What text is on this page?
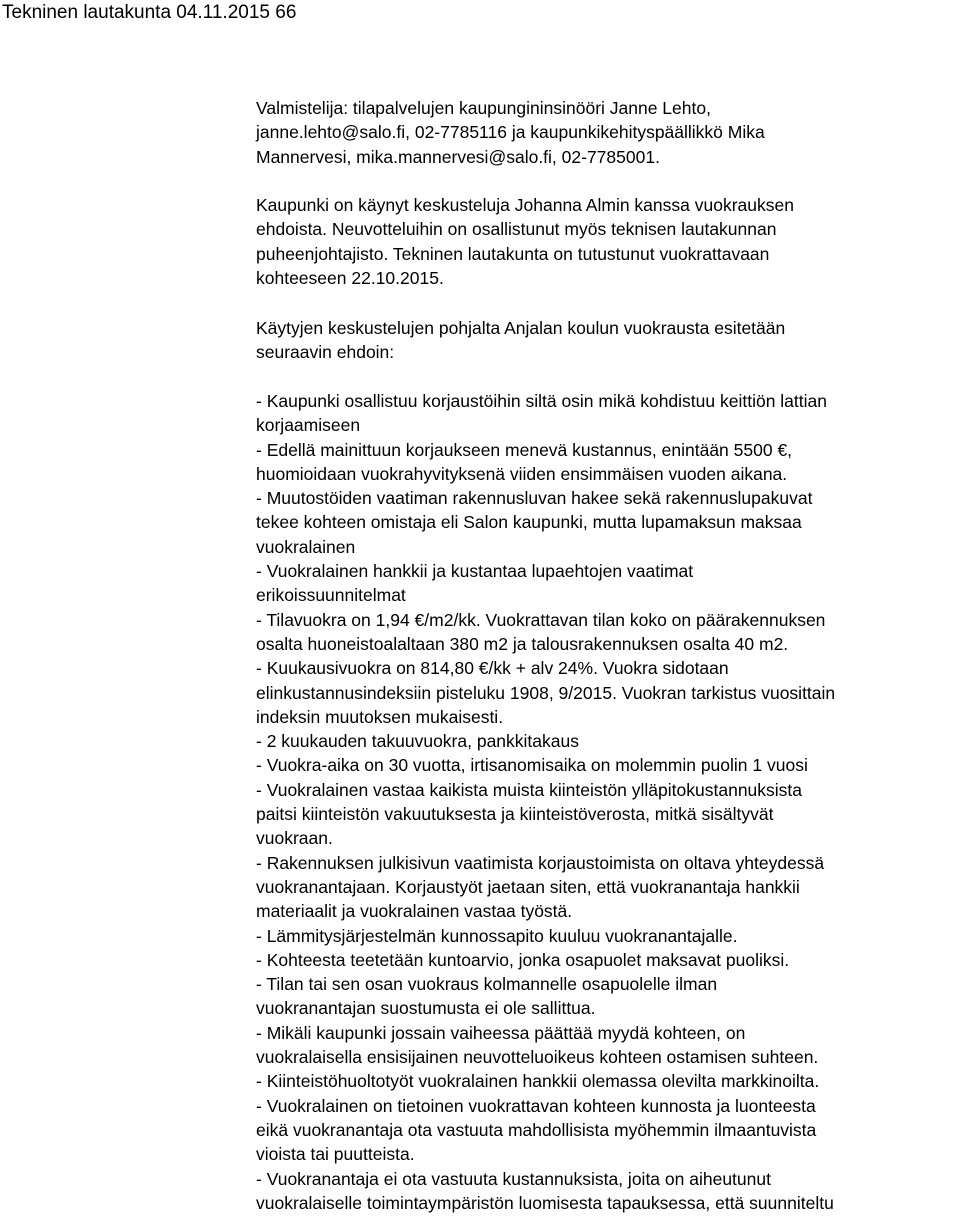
Tekninen lautakunta 04.11.2015 66
Valmistelija: tilapalvelujen kaupungininsinööri Janne Lehto,
janne.lehto@salo.fi, 02-7785116 ja kaupunkikehityspäällikkö Mika
Mannervesi, mika.mannervesi@salo.fi, 02-7785001.
Kaupunki on käynyt keskusteluja Johanna Almin kanssa vuokrauksen
ehdoista. Neuvotteluihin on osallistunut myös teknisen lautakunnan
puheenjohtajisto. Tekninen lautakunta on tutustunut vuokrattavaan
kohteeseen 22.10.2015.
Käytyjen keskustelujen pohjalta Anjalan koulun vuokrausta esitetään
seuraavin ehdoin:
- Kaupunki osallistuu korjaustöihin siltä osin mikä kohdistuu keittiön lattian
korjaamiseen
- Edellä mainittuun korjaukseen menevä kustannus, enintään 5500 €,
huomioidaan vuokrahyvityksenä viiden ensimmäisen vuoden aikana.
- Muutostöiden vaatiman rakennusluvan hakee sekä rakennuslupakuvat
tekee kohteen omistaja eli Salon kaupunki, mutta lupamaksun maksaa
vuokralainen
- Vuokralainen hankkii ja kustantaa lupaehtojen vaatimat
erikoissuunnitelmat
- Tilavuokra on 1,94 €/m2/kk. Vuokrattavan tilan koko on päärakennuksen
osalta huoneistoalaltaan 380 m2 ja talousrakennuksen osalta 40 m2.
- Kuukausivuokra on 814,80 €/kk + alv 24%. Vuokra sidotaan
elinkustannusindeksiin pisteluku 1908, 9/2015. Vuokran tarkistus vuosittain
indeksin muutoksen mukaisesti.
- 2 kuukauden takuuvuokra, pankkitakaus
- Vuokra-aika on 30 vuotta, irtisanomisaika on molemmin puolin 1 vuosi
- Vuokralainen vastaa kaikista muista kiinteistön ylläpitokustannuksista
paitsi kiinteistön vakuutuksesta ja kiinteistöverosta, mitkä sisältyvät
vuokraan.
- Rakennuksen julkisivun vaatimista korjaustoimista on oltava yhteydessä
vuokranantajaan. Korjaustyöt jaetaan siten, että vuokranantaja hankkii
materiaalit ja vuokralainen vastaa työstä.
- Lämmitysjärjestelmän kunnossapito kuuluu vuokranantajalle.
- Kohteesta teetetään kuntoarvio, jonka osapuolet maksavat puoliksi.
- Tilan tai sen osan vuokraus kolmannelle osapuolelle ilman
vuokranantajan suostumusta ei ole sallittua.
- Mikäli kaupunki jossain vaiheessa päättää myydä kohteen, on
vuokralaisella ensisijainen neuvotteluoikeus kohteen ostamisen suhteen.
- Kiinteistöhuoltotyöt vuokralainen hankkii olemassa olevilta markkinoilta.
- Vuokralainen on tietoinen vuokrattavan kohteen kunnosta ja luonteesta
eikä vuokranantaja ota vastuuta mahdollisista myöhemmin ilmaantuvista
vioista tai puutteista.
- Vuokranantaja ei ota vastuuta kustannuksista, joita on aiheutunut
vuokralaiselle toimintaympäristön luomisesta tapauksessa, että suunniteltu
